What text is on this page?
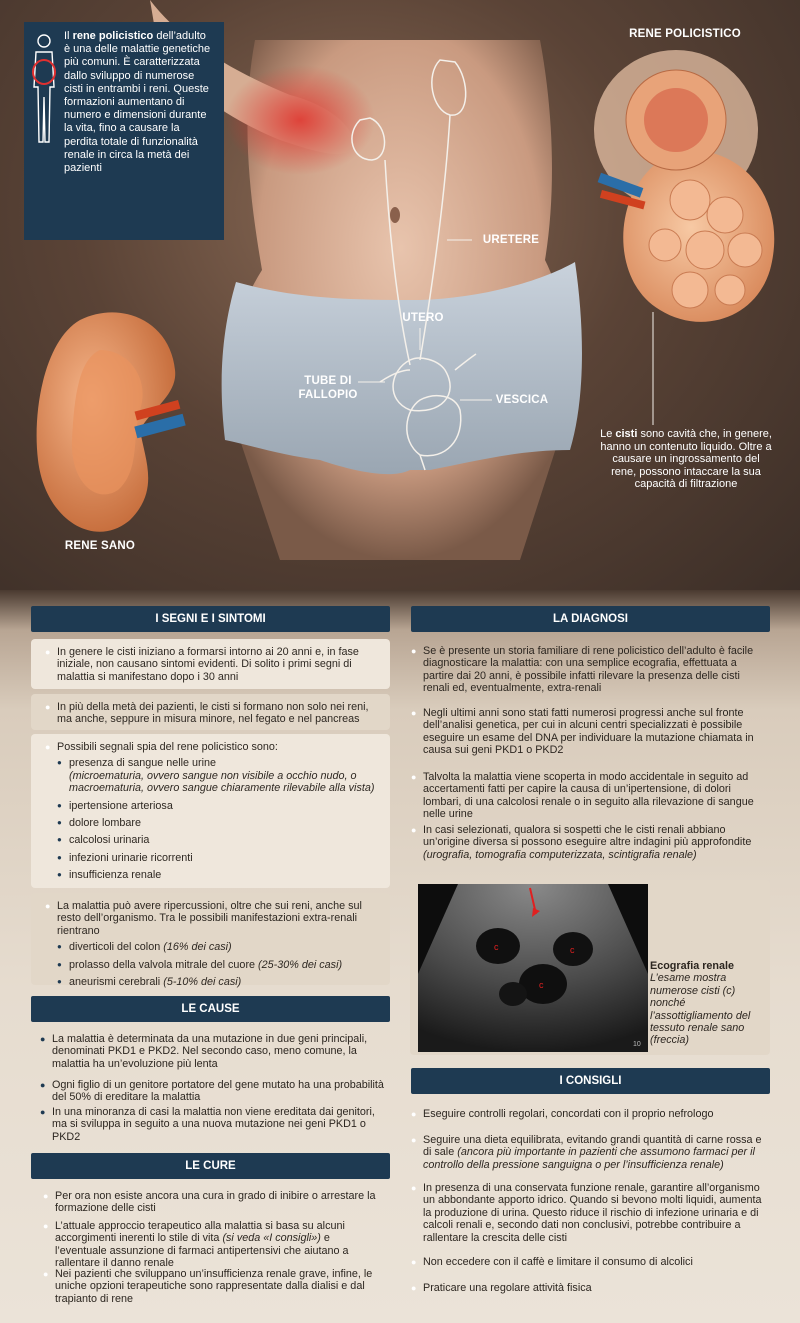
Il rene policistico dell’adulto è una delle malattie genetiche più comuni. È caratterizzata dallo sviluppo di numerose cisti in entrambi i reni. Queste formazioni aumentano di numero e dimensioni durante la vita, fino a causare la perdita totale di funzionalità renale in circa la metà dei pazienti
RENE POLICISTICO
URETERE
UTERO
TUBE DI
FALLOPIO	VESCICA
RENE SANO
Le cisti sono cavità che, in genere, hanno un contenuto liquido. Oltre a causare un ingrossamento del rene, possono intaccare la sua capacità di filtrazione
I SEGNI E I SINTOMI
● In genere le cisti iniziano a formarsi intorno ai 20 anni e, in fase iniziale, non causano sintomi evidenti. Di solito i primi segni di malattia si manifestano dopo i 30 anni
● In più della metà dei pazienti, le cisti si formano non solo nei reni, ma anche, seppure in misura minore, nel fegato e nel pancreas
● Possibili segnali spia del rene policistico sono:
● presenza di sangue nelle urine
(microematuria, ovvero sangue non visibile a occhio nudo, o macroematuria, ovvero sangue chiaramente rilevabile alla vista)
● ipertensione arteriosa
● dolore lombare
● calcolosi urinaria
● infezioni urinarie ricorrenti
● insufficienza renale
● La malattia può avere ripercussioni, oltre che sui reni, anche sul resto dell’organismo. Tra le possibili manifestazioni extra-renali rientrano
● diverticoli del colon (16% dei casi)
● prolasso della valvola mitrale del cuore (25-30% dei casi)
● aneurismi cerebrali (5-10% dei casi)
LE CAUSE
● La malattia è determinata da una mutazione in due geni principali, denominati PKD1 e PKD2. Nel secondo caso, meno comune, la malattia ha un’evoluzione più lenta
● Ogni figlio di un genitore portatore del gene mutato ha una probabilità del 50% di ereditare la malattia
● In una minoranza di casi la malattia non viene ereditata dai genitori, ma si sviluppa in seguito a una nuova mutazione nei geni PKD1 o PKD2
LE CURE
● Per ora non esiste ancora una cura in grado di inibire o arrestare la formazione delle cisti
● L’attuale approccio terapeutico alla malattia si basa su alcuni accorgimenti inerenti lo stile di vita (si veda «I consigli») e l’eventuale assunzione di farmaci antipertensivi che aiutano a rallentare il danno renale
● Nei pazienti che sviluppano un’insufficienza renale grave, infine, le uniche opzioni terapeutiche sono rappresentate dalla dialisi e dal trapianto di rene
LA DIAGNOSI
● Se è presente un storia familiare di rene policistico dell’adulto è facile diagnosticare la malattia: con una semplice ecografia, effettuata a partire dai 20 anni, è possibile infatti rilevare la presenza delle cisti renali ed, eventualmente, extra-renali
● Negli ultimi anni sono stati fatti numerosi progressi anche sul fronte dell’analisi genetica, per cui in alcuni centri specializzati è possibile eseguire un esame del DNA per individuare la mutazione chiamata in causa sui geni PKD1 o PKD2
● Talvolta la malattia viene scoperta in modo accidentale in seguito ad accertamenti fatti per capire la causa di un’ipertensione, di dolori lombari, di una calcolosi renale o in seguito alla rilevazione di sangue nelle urine
● In casi selezionati, qualora si sospetti che le cisti renali abbiano un’origine diversa si possono eseguire altre indagini più approfondite (urografia, tomografia computerizzata, scintigrafia renale)
c	c
c
10
Ecografia renale
L’esame mostra numerose cisti (c) nonché l’assottigliamento del tessuto renale sano (freccia)
I CONSIGLI
● Eseguire controlli regolari, concordati con il proprio nefrologo
● Seguire una dieta equilibrata, evitando grandi quantità di carne rossa e di sale (ancora più importante in pazienti che assumono farmaci per il controllo della pressione sanguigna o per l’insufficienza renale)
● In presenza di una conservata funzione renale, garantire all’organismo un abbondante apporto idrico. Quando si bevono molti liquidi, aumenta la produzione di urina. Questo riduce il rischio di infezione urinaria e di calcoli renali e, secondo dati non conclusivi, potrebbe contribuire a rallentare la crescita delle cisti
● Non eccedere con il caffè e limitare il consumo di alcolici
● Praticare una regolare attività fisica
